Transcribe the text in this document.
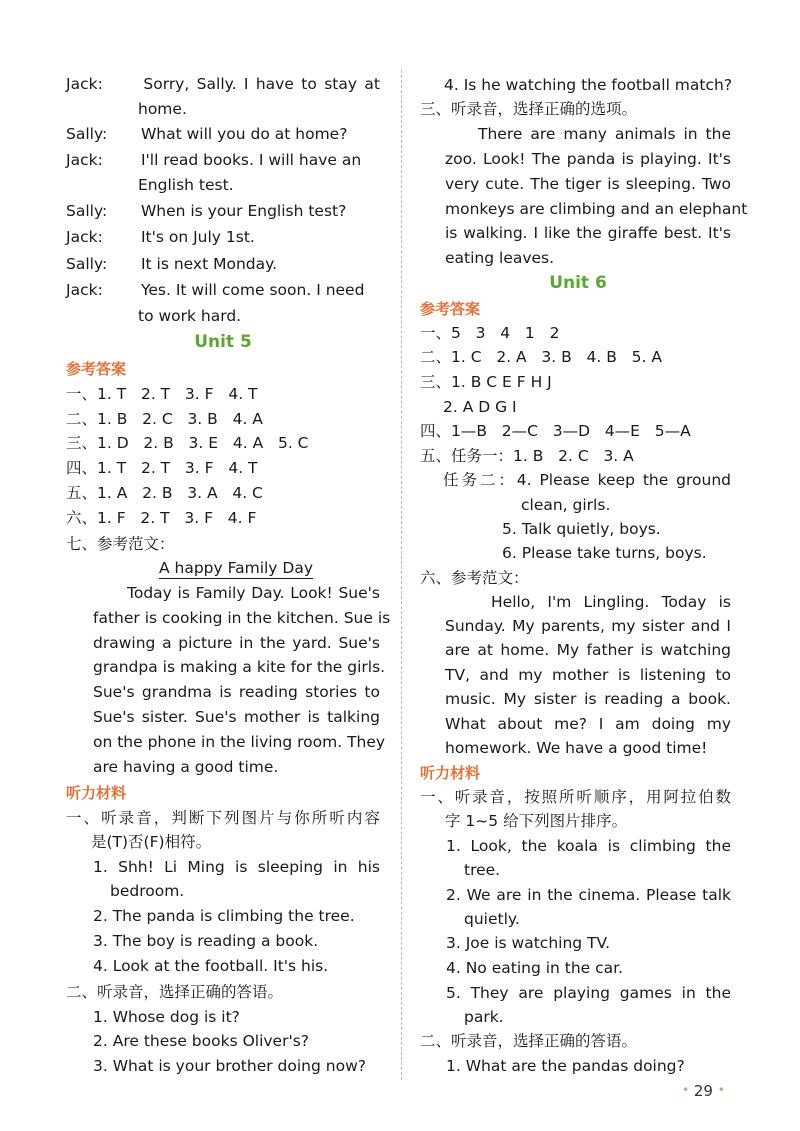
Jack:	Sorry, Sally. I have to stay at
home.
Sally: What will you do at home?
Jack: I'll read books. I will have an
English test.
Sally: When is your English test?
Jack: It's on July 1st.
Sally: It is next Monday.
Jack: Yes. It will come soon. I need
to work hard.
Unit 5
参考答案
一、1. T   2. T   3. F   4. T
二、1. B   2. C   3. B   4. A
三、1. D   2. B   3. E   4. A   5. C
四、1. T   2. T   3. F   4. T
五、1. A   2. B   3. A   4. C
六、1. F   2. T   3. F   4. F
七、参考范文：
A happy Family Day
Today is Family Day. Look! Sue's
father is cooking in the kitchen. Sue is
drawing a picture in the yard. Sue's
grandpa is making a kite for the girls.
Sue's grandma is reading stories to
Sue's sister. Sue's mother is talking
on the phone in the living room. They
are having a good time.
听力材料
一、听录音，判断下列图片与你所听内容
是(T)否(F)相符。
1. Shh! Li Ming is sleeping in his
bedroom.
2. The panda is climbing the tree.
3. The boy is reading a book.
4. Look at the football. It's his.
二、听录音，选择正确的答语。
1. Whose dog is it?
2. Are these books Oliver's?
3. What is your brother doing now?
4. Is he watching the football match?
三、听录音，选择正确的选项。
There are many animals in the
zoo. Look! The panda is playing. It's
very cute. The tiger is sleeping. Two
monkeys are climbing and an elephant
is walking. I like the giraffe best. It's
eating leaves.
Unit 6
参考答案
一、5   3   4   1   2
二、1. C   2. A   3. B   4. B   5. A
三、1. B C E F H J
2. A D G I
四、1—B   2—C   3—D   4—E   5—A
五、任务一：1. B   2. C   3. A
任务二：4. Please keep the ground
clean, girls.
5. Talk quietly, boys.
6. Please take turns, boys.
六、参考范文：
Hello, I'm Lingling. Today is
Sunday. My parents, my sister and I
are at home. My father is watching
TV, and my mother is listening to
music. My sister is reading a book.
What about me? I am doing my
homework. We have a good time!
听力材料
一、听录音，按照所听顺序，用阿拉伯数
字 1~5 给下列图片排序。
1. Look, the koala is climbing the
tree.
2. We are in the cinema. Please talk
quietly.
3. Joe is watching TV.
4. No eating in the car.
5. They are playing games in the
park.
二、听录音，选择正确的答语。
1. What are the pandas doing?
• 29 •
